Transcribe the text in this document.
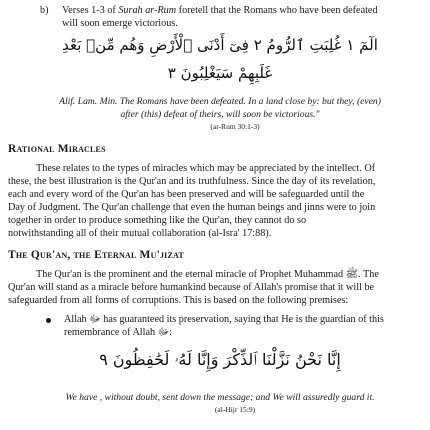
b) Verses 1-3 of Surah ar-Rum foretell that the Romans who have been defeated
will soon emerge victorious.
الٓمٓ ١ غُلِبَتِ ٱلرُّومُ ٢ فِىٓ أَدْنَى ٱلْأَرْضِ وَهُم مِّنۢ بَعْدِ
غَلَبِهِمْ سَيَغْلِبُونَ ٣
Alif. Lam. Min. The Romans have been defeated. In a land close by: but they, (even)
after (this) defeat of theirs, will soon be victorious."
(ar-Rum 30:1-3)
Rational Miracles
These relates to the types of miracles which may be appreciated by the intellect. Of
these, the best illustration is the Qur'an and its truthfulness. Since the day of its revelation,
each and every word of the Qur'an has been preserved and will be safeguarded until the
Day of Judgment. The Qur'an challenge that even the human beings and jinns were to join
together in order to produce something like the Qur'an, they cannot do so
notwithstanding all of their mutual collaboration (al-Isra' 17:88).
The Qur'an, the Eternal Mu'jizat
The Qur'an is the prominent and the eternal miracle of Prophet Muhammad ﷺ. The
Qur'an will stand as a miracle before humankind because of Allah's promise that it will be
safeguarded from all forms of corruptions. This is based on the following premises:
Allah ﷻ has guaranteed its preservation, saying that He is the guardian of this
remembrance of Allah ﷻ:
إِنَّا نَحْنُ نَزَّلْنَا ٱلذِّكْرَ وَإِنَّا لَهُۥ لَحَٰفِظُونَ ٩
We have , without doubt, sent down the message; and We will assuredly guard it.
(al-Hijr 15:9)
